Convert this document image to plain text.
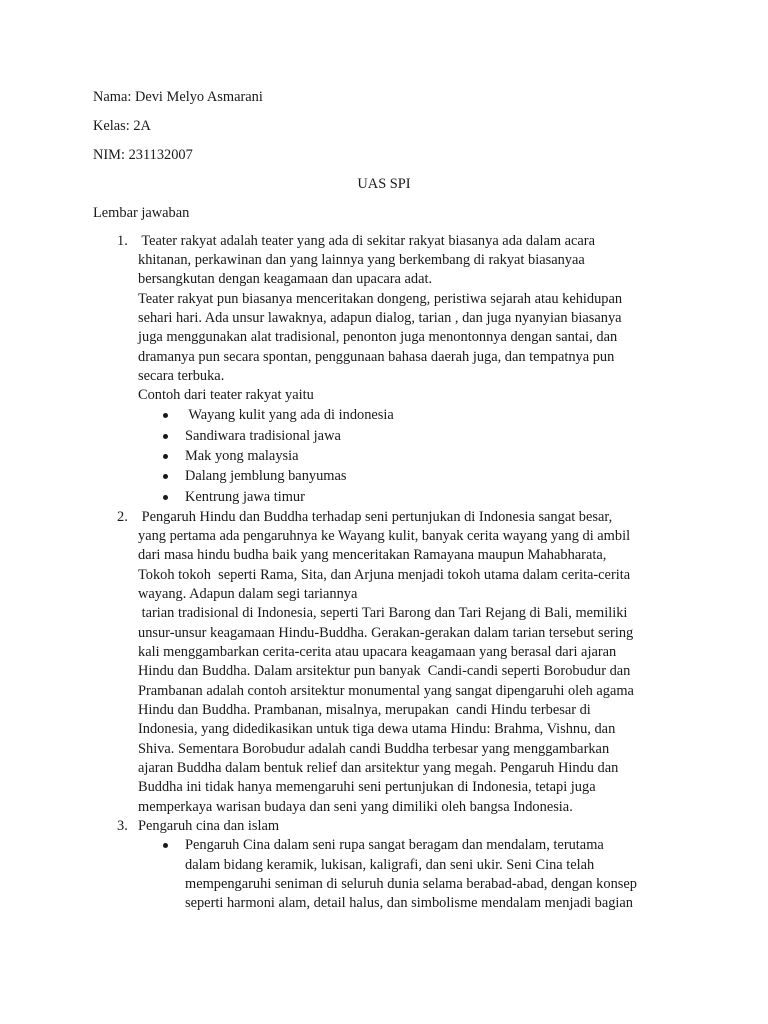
Nama: Devi Melyo Asmarani
Kelas: 2A
NIM: 231132007
UAS SPI
Lembar jawaban
1. Teater rakyat adalah teater yang ada di sekitar rakyat biasanya ada dalam acara
khitanan, perkawinan dan yang lainnya yang berkembang di rakyat biasanyaa
bersangkutan dengan keagamaan dan upacara adat.
Teater rakyat pun biasanya menceritakan dongeng, peristiwa sejarah atau kehidupan
sehari hari. Ada unsur lawaknya, adapun dialog, tarian , dan juga nyanyian biasanya
juga menggunakan alat tradisional, penonton juga menontonnya dengan santai, dan
dramanya pun secara spontan, penggunaan bahasa daerah juga, dan tempatnya pun
secara terbuka.
Contoh dari teater rakyat yaitu
Wayang kulit yang ada di indonesia
Sandiwara tradisional jawa
Mak yong malaysia
Dalang jemblung banyumas
Kentrung jawa timur
2. Pengaruh Hindu dan Buddha terhadap seni pertunjukan di Indonesia sangat besar,
yang pertama ada pengaruhnya ke Wayang kulit, banyak cerita wayang yang di ambil
dari masa hindu budha baik yang menceritakan Ramayana maupun Mahabharata,
Tokoh tokoh  seperti Rama, Sita, dan Arjuna menjadi tokoh utama dalam cerita-cerita
wayang. Adapun dalam segi tariannya
tarian tradisional di Indonesia, seperti Tari Barong dan Tari Rejang di Bali, memiliki
unsur-unsur keagamaan Hindu-Buddha. Gerakan-gerakan dalam tarian tersebut sering
kali menggambarkan cerita-cerita atau upacara keagamaan yang berasal dari ajaran
Hindu dan Buddha. Dalam arsitektur pun banyak  Candi-candi seperti Borobudur dan
Prambanan adalah contoh arsitektur monumental yang sangat dipengaruhi oleh agama
Hindu dan Buddha. Prambanan, misalnya, merupakan  candi Hindu terbesar di
Indonesia, yang didedikasikan untuk tiga dewa utama Hindu: Brahma, Vishnu, dan
Shiva. Sementara Borobudur adalah candi Buddha terbesar yang menggambarkan
ajaran Buddha dalam bentuk relief dan arsitektur yang megah. Pengaruh Hindu dan
Buddha ini tidak hanya memengaruhi seni pertunjukan di Indonesia, tetapi juga
memperkaya warisan budaya dan seni yang dimiliki oleh bangsa Indonesia.
3. Pengaruh cina dan islam
Pengaruh Cina dalam seni rupa sangat beragam dan mendalam, terutama
dalam bidang keramik, lukisan, kaligrafi, dan seni ukir. Seni Cina telah
mempengaruhi seniman di seluruh dunia selama berabad-abad, dengan konsep
seperti harmoni alam, detail halus, dan simbolisme mendalam menjadi bagian
